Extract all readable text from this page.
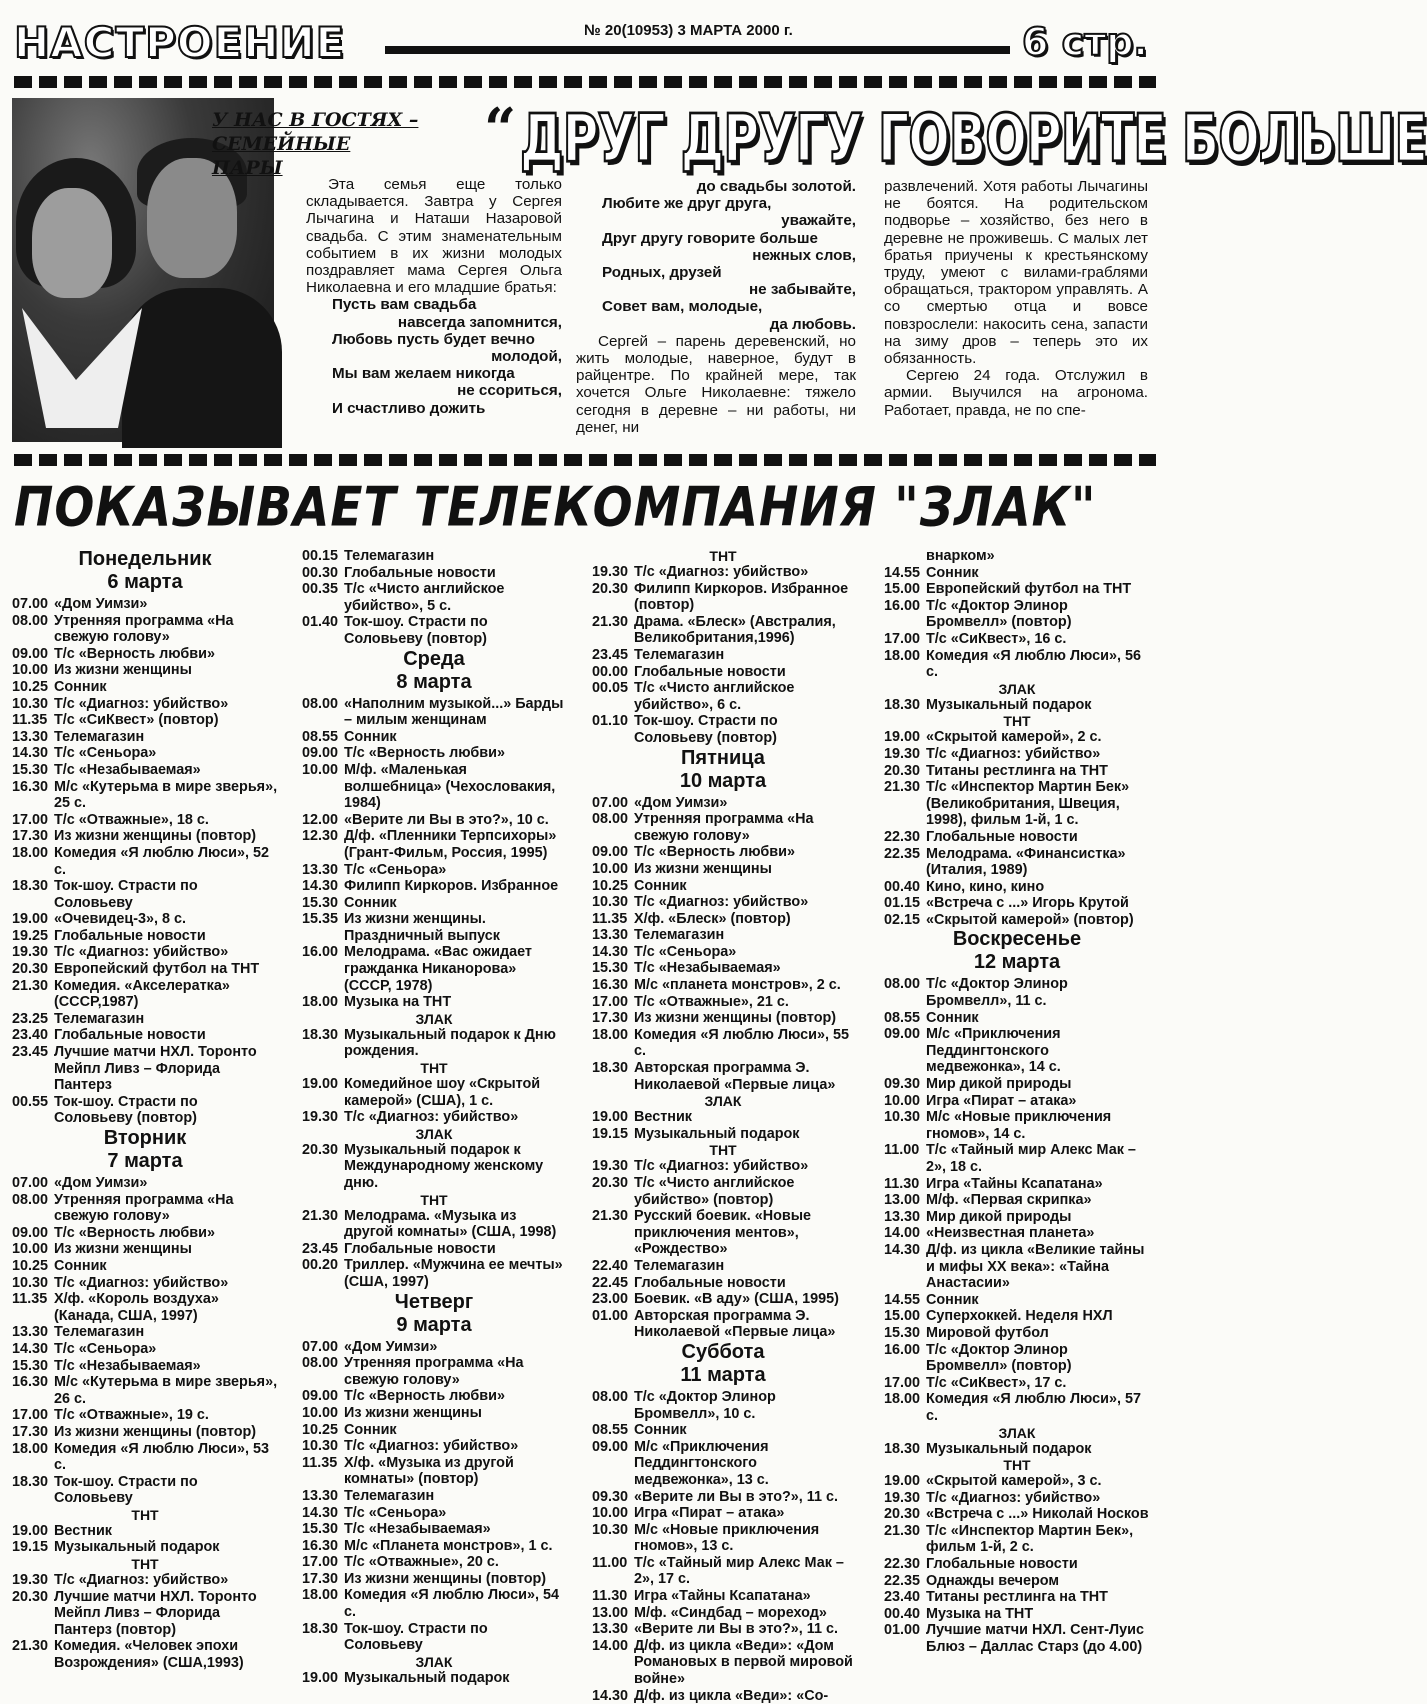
НАСТРОЕНИЕ	№ 20(10953) 3 МАРТА 2000 г.	6 стр.
У НАС В ГОСТЯХ – СЕМЕЙНЫЕ ПАРЫ
“ ДРУГ ДРУГУ ГОВОРИТЕ БОЛЬШЕ

Эта семья еще только складывается. Завтра у Сергея Лычагина и Наташи Назаровой свадьба. С этим знаменательным событием в их жизни молодых поздравляет мама Сергея Ольга Николаевна и его младшие братья:

Пусть вам свадьба
навсегда запомнится,
Любовь пусть будет вечно
молодой,
Мы вам желаем никогда
не ссориться,
И счастливо дожить
до свадьбы золотой.
Любите же друг друга,
уважайте,
Друг другу говорите больше
нежных слов,
Родных, друзей
не забывайте,
Совет вам, молодые,
да любовь.

Сергей – парень деревенский, но жить молодые, наверное, будут в райцентре. По крайней мере, так хочется Ольге Николаевне: тяжело сегодня в деревне – ни работы, ни денег, ни

развлечений. Хотя работы Лычагины не боятся. На родительском подворье – хозяйство, без него в деревне не проживешь. С малых лет братья приучены к крестьянскому труду, умеют с вилами-граблями обращаться, трактором управлять. А со смертью отца и вовсе повзрослели: накосить сена, запасти на зиму дров – теперь это их обязанность.

Сергею 24 года. Отслужил в армии. Выучился на агронома. Работает, правда, не по спе-

ПОКАЗЫВАЕТ ТЕЛЕКОМПАНИЯ "ЗЛАК"
Понедельник
6 марта
07.00 «Дом Уимзи»
08.00 Утренняя программа «На свежую голову»
09.00 Т/с «Верность любви»
10.00 Из жизни женщины
10.25 Сонник
10.30 Т/с «Диагноз: убийство»
11.35 Т/с «СиКвест» (повтор)
13.30 Телемагазин
14.30 Т/с «Сеньора»
15.30 Т/с «Незабываемая»
16.30 М/с «Кутерьма в мире зверья», 25 с.
17.00 Т/с «Отважные», 18 с.
17.30 Из жизни женщины (повтор)
18.00 Комедия «Я люблю Люси», 52 с.
18.30 Ток-шоу. Страсти по Соловьеву
19.00 «Очевидец-3», 8 с.
19.25 Глобальные новости
19.30 Т/с «Диагноз: убийство»
20.30 Европейский футбол на ТНТ
21.30 Комедия. «Акселератка» (СССР,1987)
23.25 Телемагазин
23.40 Глобальные новости
23.45 Лучшие матчи НХЛ. Торонто Мейпл Ливз – Флорида Пантерз
00.55 Ток-шоу. Страсти по Соловьеву (повтор)
Вторник
7 марта
07.00 «Дом Уимзи»
08.00 Утренняя программа «На свежую голову»
09.00 Т/с «Верность любви»
10.00 Из жизни женщины
10.25 Сонник
10.30 Т/с «Диагноз: убийство»
11.35 Х/ф. «Король воздуха» (Канада, США, 1997)
13.30 Телемагазин
14.30 Т/с «Сеньора»
15.30 Т/с «Незабываемая»
16.30 М/с «Кутерьма в мире зверья», 26 с.
17.00 Т/с «Отважные», 19 с.
17.30 Из жизни женщины (повтор)
18.00 Комедия «Я люблю Люси», 53 с.
18.30 Ток-шоу. Страсти по Соловьеву
ТНТ
19.00 Вестник
19.15 Музыкальный подарок
ТНТ
19.30 Т/с «Диагноз: убийство»
20.30 Лучшие матчи НХЛ. Торонто Мейпл Ливз – Флорида Пантерз (повтор)
21.30 Комедия. «Человек эпохи Возрождения» (США,1993)
00.15 Телемагазин
00.30 Глобальные новости
00.35 Т/с «Чисто английское убийство», 5 с.
01.40 Ток-шоу. Страсти по Соловьеву (повтор)
Среда
8 марта
08.00 «Наполним музыкой...» Барды – милым женщинам
08.55 Сонник
09.00 Т/с «Верность любви»
10.00 М/ф. «Маленькая волшебница» (Чехословакия, 1984)
12.00 «Верите ли Вы в это?», 10 с.
12.30 Д/ф. «Пленники Терпсихоры» (Грант-Фильм, Россия, 1995)
13.30 Т/с «Сеньора»
14.30 Филипп Киркоров. Избранное
15.30 Сонник
15.35 Из жизни женщины. Праздничный выпуск
16.00 Мелодрама. «Вас ожидает гражданка Никанорова» (СССР, 1978)
18.00 Музыка на ТНТ
ЗЛАК
18.30 Музыкальный подарок к Дню рождения.
ТНТ
19.00 Комедийное шоу «Скрытой камерой» (США), 1 с.
19.30 Т/с «Диагноз: убийство»
ЗЛАК
20.30 Музыкальный подарок к Международному женскому дню.
ТНТ
21.30 Мелодрама. «Музыка из другой комнаты» (США, 1998)
23.45 Глобальные новости
00.20 Триллер. «Мужчина ее мечты» (США, 1997)
Четверг
9 марта
07.00 «Дом Уимзи»
08.00 Утренняя программа «На свежую голову»
09.00 Т/с «Верность любви»
10.00 Из жизни женщины
10.25 Сонник
10.30 Т/с «Диагноз: убийство»
11.35 Х/ф. «Музыка из другой комнаты» (повтор)
13.30 Телемагазин
14.30 Т/с «Сеньора»
15.30 Т/с «Незабываемая»
16.30 М/с «Планета монстров», 1 с.
17.00 Т/с «Отважные», 20 с.
17.30 Из жизни женщины (повтор)
18.00 Комедия «Я люблю Люси», 54 с.
18.30 Ток-шоу. Страсти по Соловьеву
ЗЛАК
19.00 Музыкальный подарок
ТНТ
19.30 Т/с «Диагноз: убийство»
20.30 Филипп Киркоров. Избранное (повтор)
21.30 Драма. «Блеск» (Австралия, Великобритания,1996)
23.45 Телемагазин
00.00 Глобальные новости
00.05 Т/с «Чисто английское убийство», 6 с.
01.10 Ток-шоу. Страсти по Соловьеву (повтор)
Пятница
10 марта
07.00 «Дом Уимзи»
08.00 Утренняя программа «На свежую голову»
09.00 Т/с «Верность любви»
10.00 Из жизни женщины
10.25 Сонник
10.30 Т/с «Диагноз: убийство»
11.35 Х/ф. «Блеск» (повтор)
13.30 Телемагазин
14.30 Т/с «Сеньора»
15.30 Т/с «Незабываемая»
16.30 М/с «планета монстров», 2 с.
17.00 Т/с «Отважные», 21 с.
17.30 Из жизни женщины (повтор)
18.00 Комедия «Я люблю Люси», 55 с.
18.30 Авторская программа Э. Николаевой «Первые лица»
ЗЛАК
19.00 Вестник
19.15 Музыкальный подарок
ТНТ
19.30 Т/с «Диагноз: убийство»
20.30 Т/с «Чисто английское убийство» (повтор)
21.30 Русский боевик. «Новые приключения ментов», «Рождество»
22.40 Телемагазин
22.45 Глобальные новости
23.00 Боевик. «В аду» (США, 1995)
01.00 Авторская программа Э. Николаевой «Первые лица»
Суббота
11 марта
08.00 Т/с «Доктор Элинор Бромвелл», 10 с.
08.55 Сонник
09.00 М/с «Приключения Педдингтонского медвежонка», 13 с.
09.30 «Верите ли Вы в это?», 11 с.
10.00 Игра «Пират – атака»
10.30 М/с «Новые приключения гномов», 13 с.
11.00 Т/с «Тайный мир Алекс Мак – 2», 17 с.
11.30 Игра «Тайны Ксапатана»
13.00 М/ф. «Синдбад – мореход»
13.30 «Верите ли Вы в это?», 11 с.
14.00 Д/ф. из цикла «Веди»: «Дом Романовых в первой мировой войне»
14.30 Д/ф. из цикла «Веди»: «Со-
внарком»
14.55 Сонник
15.00 Европейский футбол на ТНТ
16.00 Т/с «Доктор Элинор Бромвелл» (повтор)
17.00 Т/с «СиКвест», 16 с.
18.00 Комедия «Я люблю Люси», 56 с.
ЗЛАК
18.30 Музыкальный подарок
ТНТ
19.00 «Скрытой камерой», 2 с.
19.30 Т/с «Диагноз: убийство»
20.30 Титаны рестлинга на ТНТ
21.30 Т/с «Инспектор Мартин Бек» (Великобритания, Швеция, 1998), фильм 1-й, 1 с.
22.30 Глобальные новости
22.35 Мелодрама. «Финансистка» (Италия, 1989)
00.40 Кино, кино, кино
01.15 «Встреча с ...» Игорь Крутой
02.15 «Скрытой камерой» (повтор)
Воскресенье
12 марта
08.00 Т/с «Доктор Элинор Бромвелл», 11 с.
08.55 Сонник
09.00 М/с «Приключения Педдингтонского медвежонка», 14 с.
09.30 Мир дикой природы
10.00 Игра «Пират – атака»
10.30 М/с «Новые приключения гномов», 14 с.
11.00 Т/с «Тайный мир Алекс Мак – 2», 18 с.
11.30 Игра «Тайны Ксапатана»
13.00 М/ф. «Первая скрипка»
13.30 Мир дикой природы
14.00 «Неизвестная планета»
14.30 Д/ф. из цикла «Великие тайны и мифы XX века»: «Тайна Анастасии»
14.55 Сонник
15.00 Суперхоккей. Неделя НХЛ
15.30 Мировой футбол
16.00 Т/с «Доктор Элинор Бромвелл» (повтор)
17.00 Т/с «СиКвест», 17 с.
18.00 Комедия «Я люблю Люси», 57 с.
ЗЛАК
18.30 Музыкальный подарок
ТНТ
19.00 «Скрытой камерой», 3 с.
19.30 Т/с «Диагноз: убийство»
20.30 «Встреча с ...» Николай Носков
21.30 Т/с «Инспектор Мартин Бек», фильм 1-й, 2 с.
22.30 Глобальные новости
22.35 Однажды вечером
23.40 Титаны рестлинга на ТНТ
00.40 Музыка на ТНТ
01.00 Лучшие матчи НХЛ. Сент-Луис Блюз – Даллас Старз (до 4.00)
